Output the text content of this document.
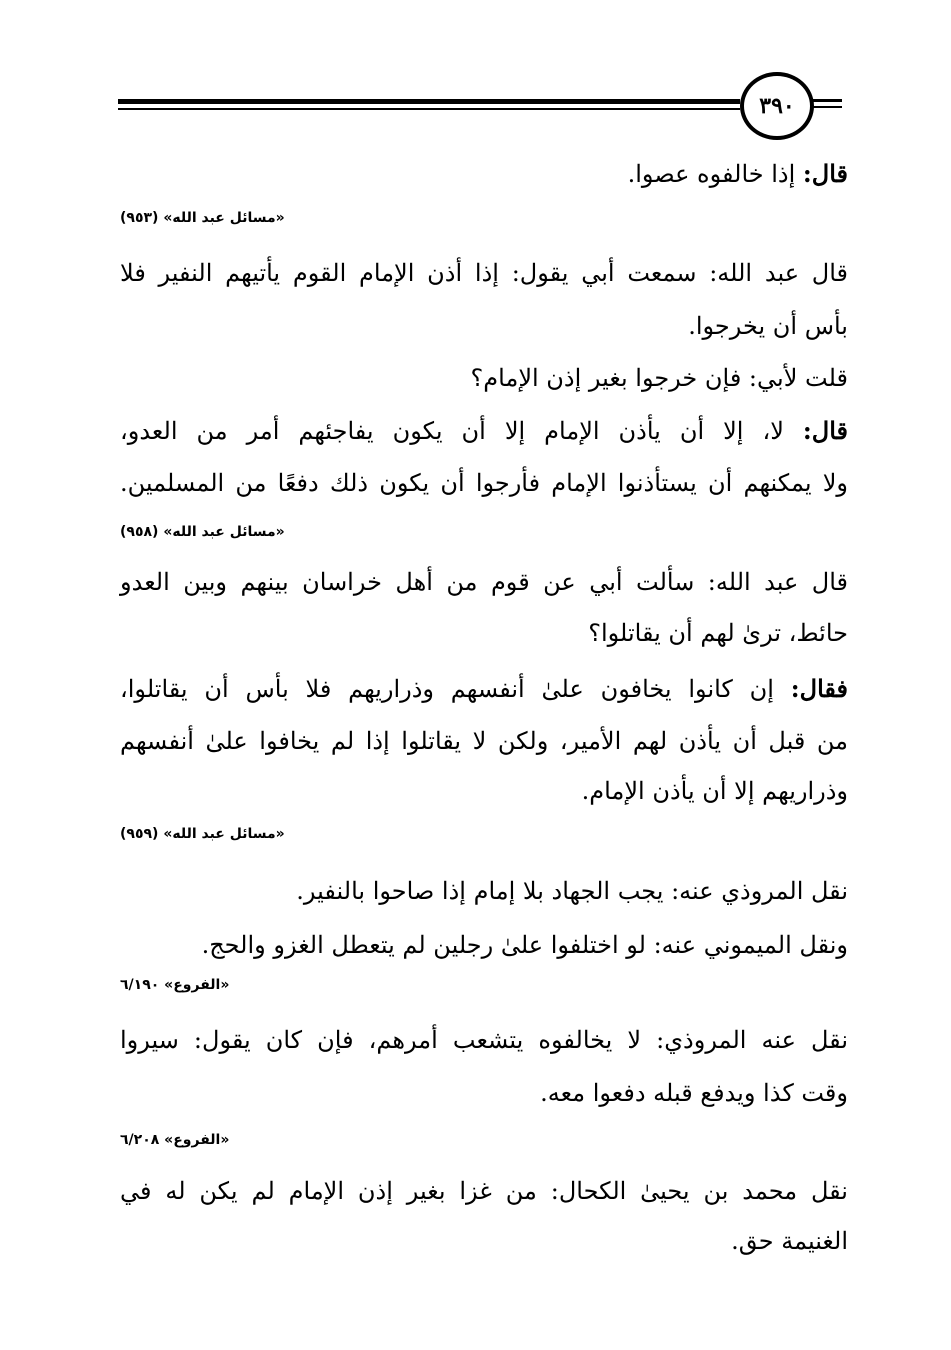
٣٩٠
قال: إذا خالفوه عصوا.
«مسائل عبد الله» (٩٥٣)
قال عبد الله: سمعت أبي يقول: إذا أذن الإمام القوم يأتيهم النفير فلا
بأس أن يخرجوا.
قلت لأبي: فإن خرجوا بغير إذن الإمام؟
قال: لا، إلا أن يأذن الإمام إلا أن يكون يفاجئهم أمر من العدو،
ولا يمكنهم أن يستأذنوا الإمام فأرجوا أن يكون ذلك دفعًا من المسلمين.
«مسائل عبد الله» (٩٥٨)
قال عبد الله: سألت أبي عن قوم من أهل خراسان بينهم وبين العدو
حائط، ترىٰ لهم أن يقاتلوا؟
فقال: إن كانوا يخافون علىٰ أنفسهم وذراريهم فلا بأس أن يقاتلوا،
من قبل أن يأذن لهم الأمير، ولكن لا يقاتلوا إذا لم يخافوا علىٰ أنفسهم
وذراريهم إلا أن يأذن الإمام.
«مسائل عبد الله» (٩٥٩)
نقل المروذي عنه: يجب الجهاد بلا إمام إذا صاحوا بالنفير.
ونقل الميموني عنه: لو اختلفوا علىٰ رجلين لم يتعطل الغزو والحج.
«الفروع» ٦/١٩٠
نقل عنه المروذي: لا يخالفوه يتشعب أمرهم، فإن كان يقول: سيروا
وقت كذا ويدفع قبله دفعوا معه.
«الفروع» ٦/٢٠٨
نقل محمد بن يحيىٰ الكحال: من غزا بغير إذن الإمام لم يكن له في
الغنيمة حق.
